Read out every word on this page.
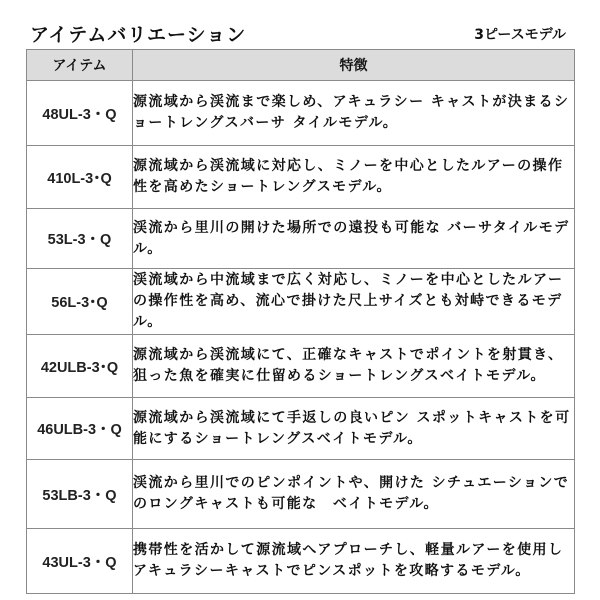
アイテムバリエーション	3ピースモデル
アイテム	特徴
48UL-3・Q	源流域から渓流まで楽しめ、アキュラシー キャストが決まるショートレングスバーサ タイルモデル。
410L-3･Q	源流域から渓流域に対応し、ミノーを中心としたルアーの操作性を高めたショートレングスモデル。
53L-3・Q	渓流から里川の開けた場所での遠投も可能な バーサタイルモデル。
56L-3･Q	渓流域から中流域まで広く対応し、ミノーを中心としたルアーの操作性を高め、流心で掛けた尺上サイズとも対峙できるモデル。
42ULB-3･Q	源流域から渓流域にて、正確なキャストでポイントを射貫き、狙った魚を確実に仕留めるショートレングスベイトモデル。
46ULB-3・Q	源流域から渓流域にて手返しの良いピン スポットキャストを可能にするショートレングスベイトモデル。
53LB-3・Q	渓流から里川でのピンポイントや、開けた シチュエーションでのロングキャストも可能な　ベイトモデル。
43UL-3・Q	携帯性を活かして源流域へアプローチし、軽量ルアーを使用しアキュラシーキャストでピンスポットを攻略するモデル。
